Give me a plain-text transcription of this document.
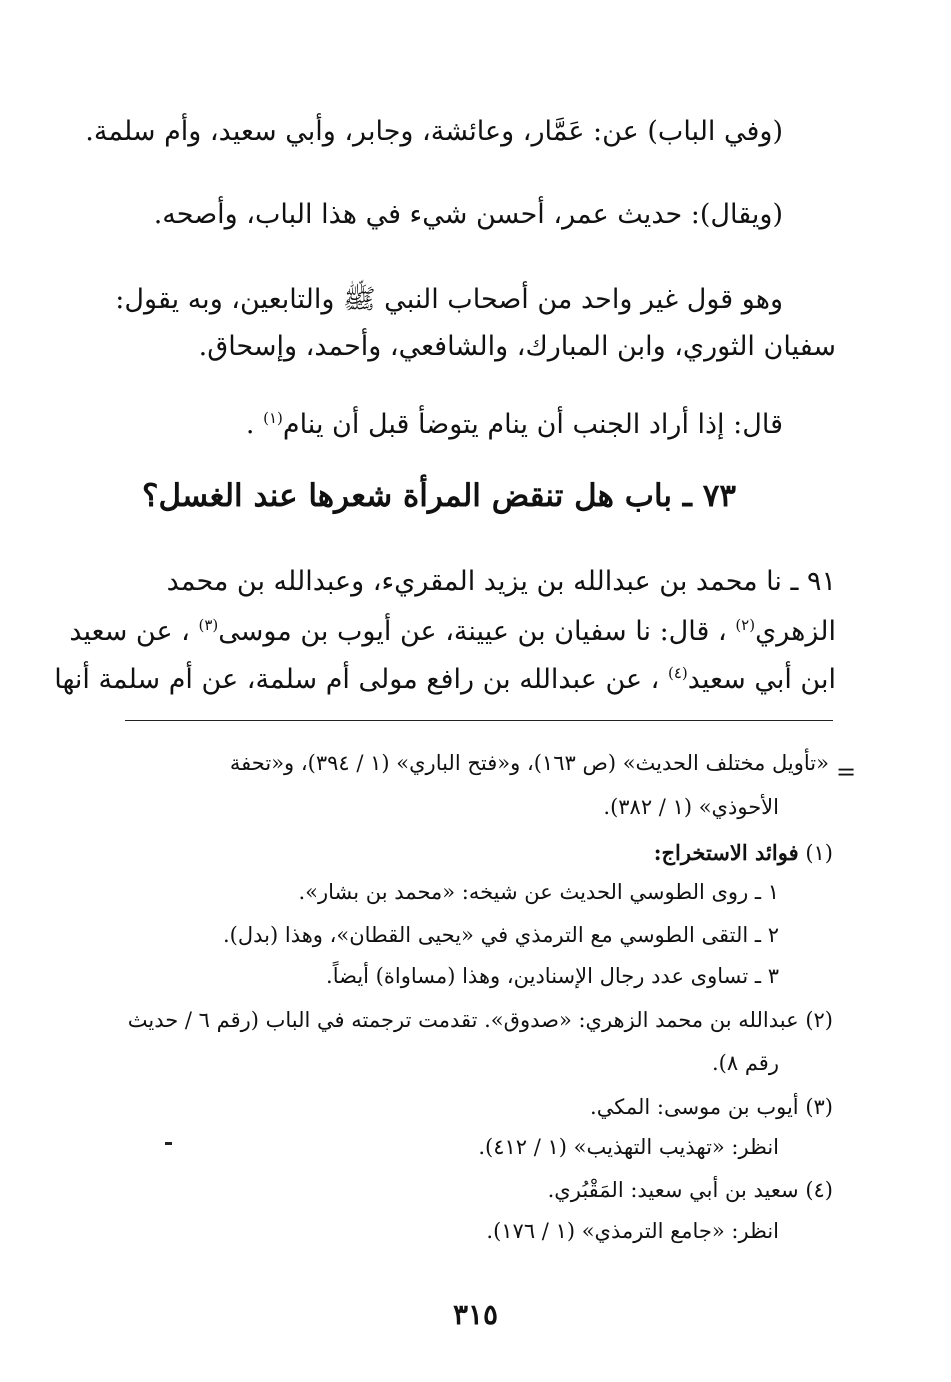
(وفي الباب) عن: عَمَّار، وعائشة، وجابر، وأبي سعيد، وأم سلمة.
(ويقال): حديث عمر، أحسن شيء في هذا الباب، وأصحه.
وهو قول غير واحد من أصحاب النبي ﷺ والتابعين، وبه يقول:
سفيان الثوري، وابن المبارك، والشافعي، وأحمد، وإسحاق.
قال: إذا أراد الجنب أن ينام يتوضأ قبل أن ينام$^{(١)}$ .
٧٣ ـ باب هل تنقض المرأة شعرها عند الغسل؟
٩١ ـ نا محمد بن عبدالله بن يزيد المقريء، وعبدالله بن محمد
الزهري$^{(٢)}$ ، قال: نا سفيان بن عيينة، عن أيوب بن موسى$^{(٣)}$ ، عن سعيد
ابن أبي سعيد$^{(٤)}$ ، عن عبدالله بن رافع مولى أم سلمة، عن أم سلمة أنها
=
«تأويل مختلف الحديث» (ص ١٦٣)، و«فتح الباري» (١ / ٣٩٤)، و«تحفة
الأحوذي» (١ / ٣٨٢).
(١) فوائد الاستخراج:
١ ـ روى الطوسي الحديث عن شيخه: «محمد بن بشار».
٢ ـ التقى الطوسي مع الترمذي في «يحيى القطان»، وهذا (بدل).
٣ ـ تساوى عدد رجال الإسنادين، وهذا (مساواة) أيضاً.
(٢) عبدالله بن محمد الزهري: «صدوق». تقدمت ترجمته في الباب (رقم ٦ / حديث
رقم ٨).
(٣) أيوب بن موسى: المكي.
انظر: «تهذيب التهذيب» (١ / ٤١٢).
(٤) سعيد بن أبي سعيد: المَقْبُري.
انظر: «جامع الترمذي» (١ / ١٧٦).
٣١٥
